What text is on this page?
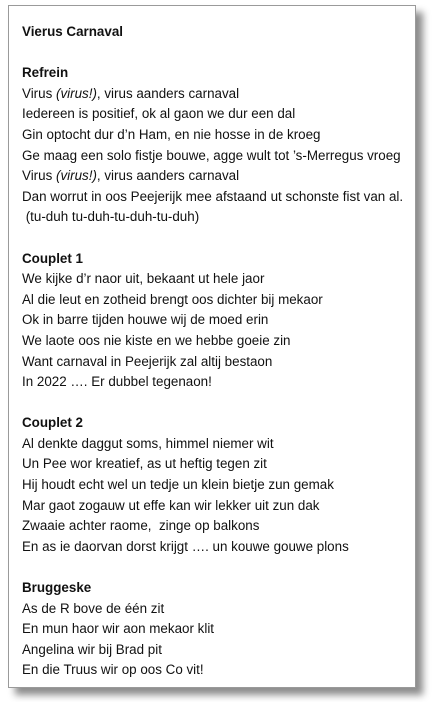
Vierus Carnaval
Refrein
Virus (virus!), virus aanders carnaval
Iedereen is positief, ok al gaon we dur een dal
Gin optocht dur d’n Ham, en nie hosse in de kroeg
Ge maag een solo fistje bouwe, agge wult tot ’s-Merregus vroeg
Virus (virus!), virus aanders carnaval
Dan worrut in oos Peejerijk mee afstaand ut schonste fist van al.
(tu-duh tu-duh-tu-duh-tu-duh)
Couplet 1
We kijke d’r naor uit, bekaant ut hele jaor
Al die leut en zotheid brengt oos dichter bij mekaor
Ok in barre tijden houwe wij de moed erin
We laote oos nie kiste en we hebbe goeie zin
Want carnaval in Peejerijk zal altij bestaon
In 2022 …. Er dubbel tegenaon!
Couplet 2
Al denkte daggut soms, himmel niemer wit
Un Pee wor kreatief, as ut heftig tegen zit
Hij houdt echt wel un tedje un klein bietje zun gemak
Mar gaot zogauw ut effe kan wir lekker uit zun dak
Zwaaie achter raome,  zinge op balkons
En as ie daorvan dorst krijgt …. un kouwe gouwe plons
Bruggeske
As de R bove de één zit
En mun haor wir aon mekaor klit
Angelina wir bij Brad pit
En die Truus wir op oos Co vit!
